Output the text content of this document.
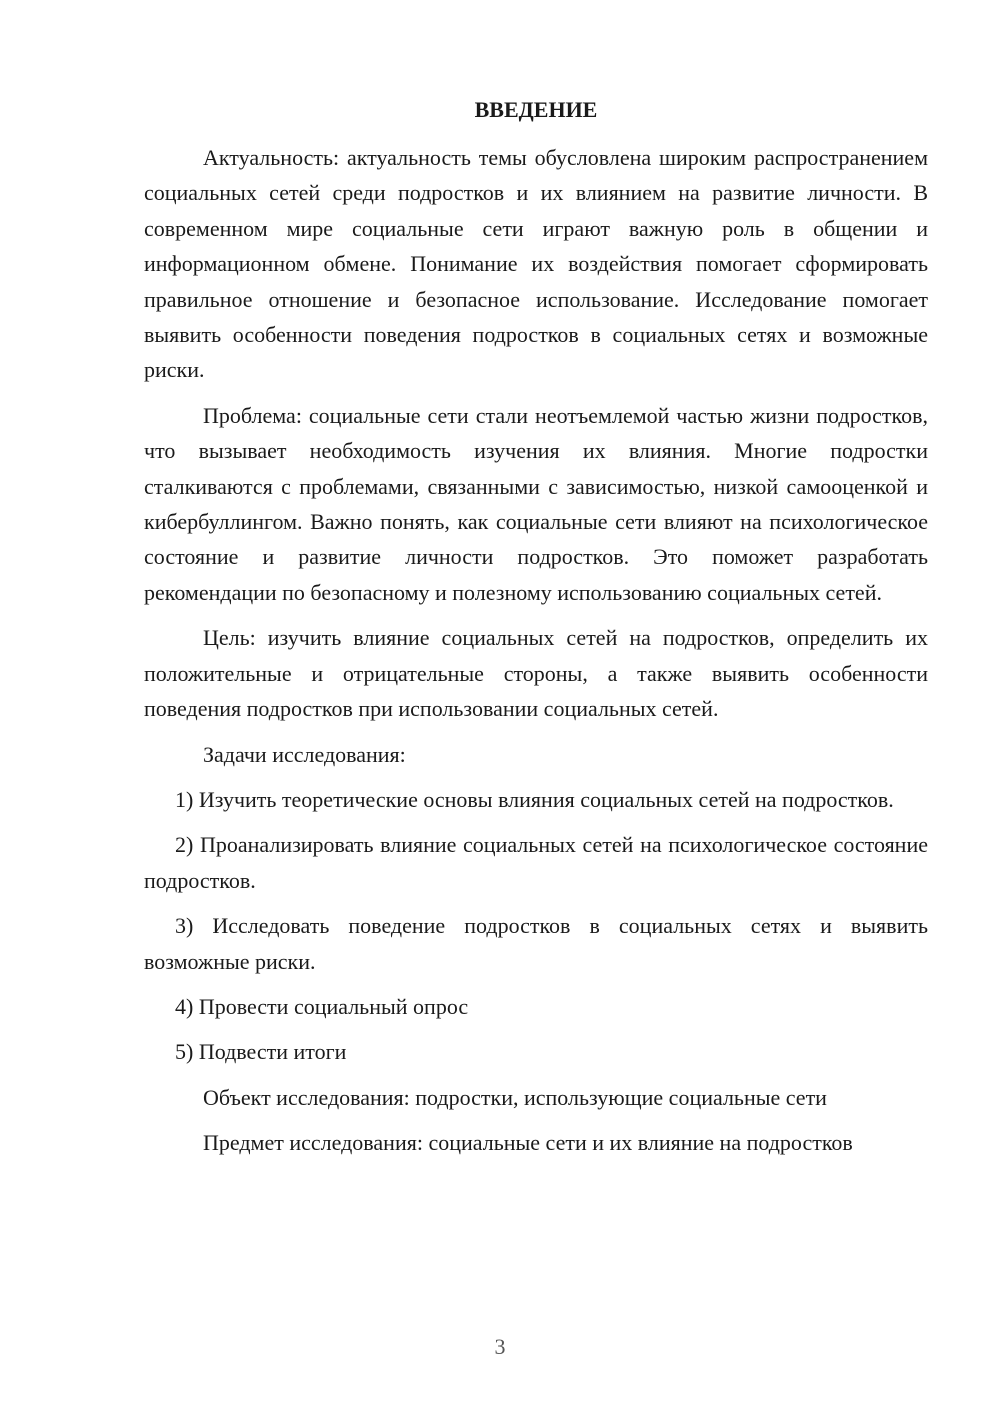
ВВЕДЕНИЕ
Актуальность: актуальность темы обусловлена широким распространением социальных сетей среди подростков и их влиянием на развитие личности. В современном мире социальные сети играют важную роль в общении и информационном обмене. Понимание их воздействия помогает сформировать правильное отношение и безопасное использование. Исследование помогает выявить особенности поведения подростков в социальных сетях и возможные риски.
Проблема: социальные сети стали неотъемлемой частью жизни подростков, что вызывает необходимость изучения их влияния. Многие подростки сталкиваются с проблемами, связанными с зависимостью, низкой самооценкой и кибербуллингом. Важно понять, как социальные сети влияют на психологическое состояние и развитие личности подростков. Это поможет разработать рекомендации по безопасному и полезному использованию социальных сетей.
Цель: изучить влияние социальных сетей на подростков, определить их положительные и отрицательные стороны, а также выявить особенности поведения подростков при использовании социальных сетей.
Задачи исследования:
1) Изучить теоретические основы влияния социальных сетей на подростков.
2) Проанализировать влияние социальных сетей на психологическое состояние подростков.
3) Исследовать поведение подростков в социальных сетях и выявить возможные риски.
4) Провести социальный опрос
5) Подвести итоги
Объект исследования: подростки, использующие социальные сети
Предмет исследования: социальные сети и их влияние на подростков
3
